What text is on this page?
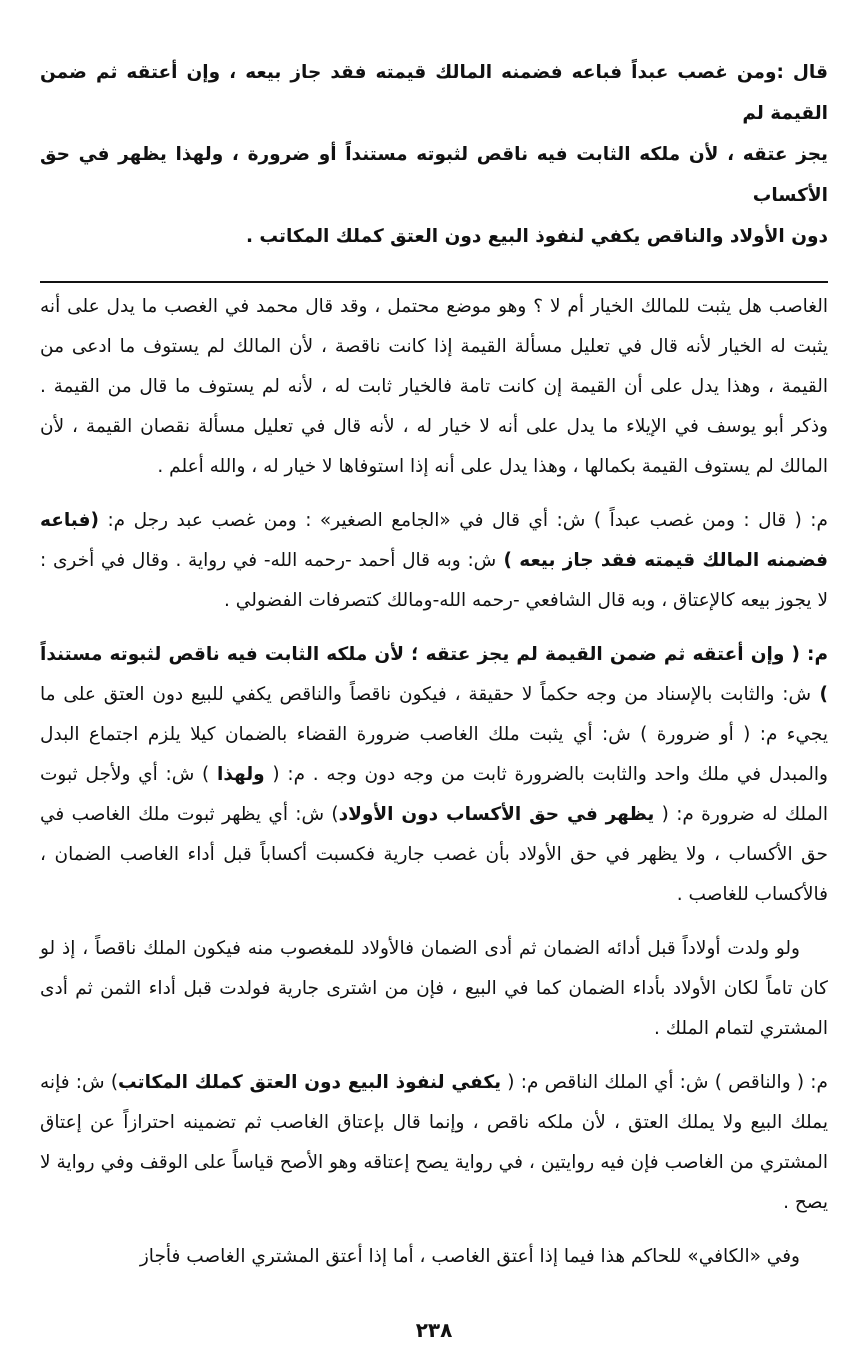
قال :ومن غصب عبداً فباعه فضمنه المالك قيمته فقد جاز بيعه ، وإن أعتقه ثم ضمن القيمة لم

يجز عتقه ، لأن ملكه الثابت فيه ناقص لثبوته مستنداً أو ضرورة ، ولهذا يظهر في حق الأكساب

دون الأولاد والناقص يكفي لنفوذ البيع دون العتق كملك المكاتب .

الغاصب هل يثبت للمالك الخيار أم لا ؟ وهو موضع محتمل ، وقد قال محمد في الغصب ما يدل على أنه يثبت له الخيار لأنه قال في تعليل مسألة القيمة إذا كانت ناقصة ، لأن المالك لم يستوف ما ادعى من القيمة ، وهذا يدل على أن القيمة إن كانت تامة فالخيار ثابت له ، لأنه لم يستوف ما قال من القيمة . وذكر أبو يوسف في الإيلاء ما يدل على أنه لا خيار له ، لأنه قال في تعليل مسألة نقصان القيمة ، لأن المالك لم يستوف القيمة بكمالها ، وهذا يدل على أنه إذا استوفاها لا خيار له ، والله أعلم .

م: ( قال : ومن غصب عبداً ) ش: أي قال في «الجامع الصغير» : ومن غصب عبد رجل م: (فباعه فضمنه المالك قيمته فقد جاز بيعه ) ش: وبه قال أحمد -رحمه الله- في رواية . وقال في أخرى : لا يجوز بيعه كالإعتاق ، وبه قال الشافعي -رحمه الله-ومالك كتصرفات الفضولي .

م: ( وإن أعتقه ثم ضمن القيمة لم يجز عتقه ؛ لأن ملكه الثابت فيه ناقص لثبوته مستنداً ) ش: والثابت بالإسناد من وجه حكماً لا حقيقة ، فيكون ناقصاً والناقص يكفي للبيع دون العتق على ما يجيء م: ( أو ضرورة ) ش: أي يثبت ملك الغاصب ضرورة القضاء بالضمان كيلا يلزم اجتماع البدل والمبدل في ملك واحد والثابت بالضرورة ثابت من وجه دون وجه . م: ( ولهذا ) ش: أي ولأجل ثبوت الملك له ضرورة م: ( يظهر في حق الأكساب دون الأولاد) ش: أي يظهر ثبوت ملك الغاصب في حق الأكساب ، ولا يظهر في حق الأولاد بأن غصب جارية فكسبت أكساباً قبل أداء الغاصب الضمان ، فالأكساب للغاصب .

ولو ولدت أولاداً قبل أدائه الضمان ثم أدى الضمان فالأولاد للمغصوب منه فيكون الملك ناقصاً ، إذ لو كان تاماً لكان الأولاد بأداء الضمان كما في البيع ، فإن من اشترى جارية فولدت قبل أداء الثمن ثم أدى المشتري لتمام الملك .

م: ( والناقص ) ش: أي الملك الناقص م: ( يكفي لنفوذ البيع دون العتق كملك المكاتب) ش: فإنه يملك البيع ولا يملك العتق ، لأن ملكه ناقص ، وإنما قال بإعتاق الغاصب ثم تضمينه احترازاً عن إعتاق المشتري من الغاصب فإن فيه روايتين ، في رواية يصح إعتاقه وهو الأصح قياساً على الوقف وفي رواية لا يصح .

وفي «الكافي» للحاكم هذا فيما إذا أعتق الغاصب ، أما إذا أعتق المشتري الغاصب فأجاز

٢٣٨
